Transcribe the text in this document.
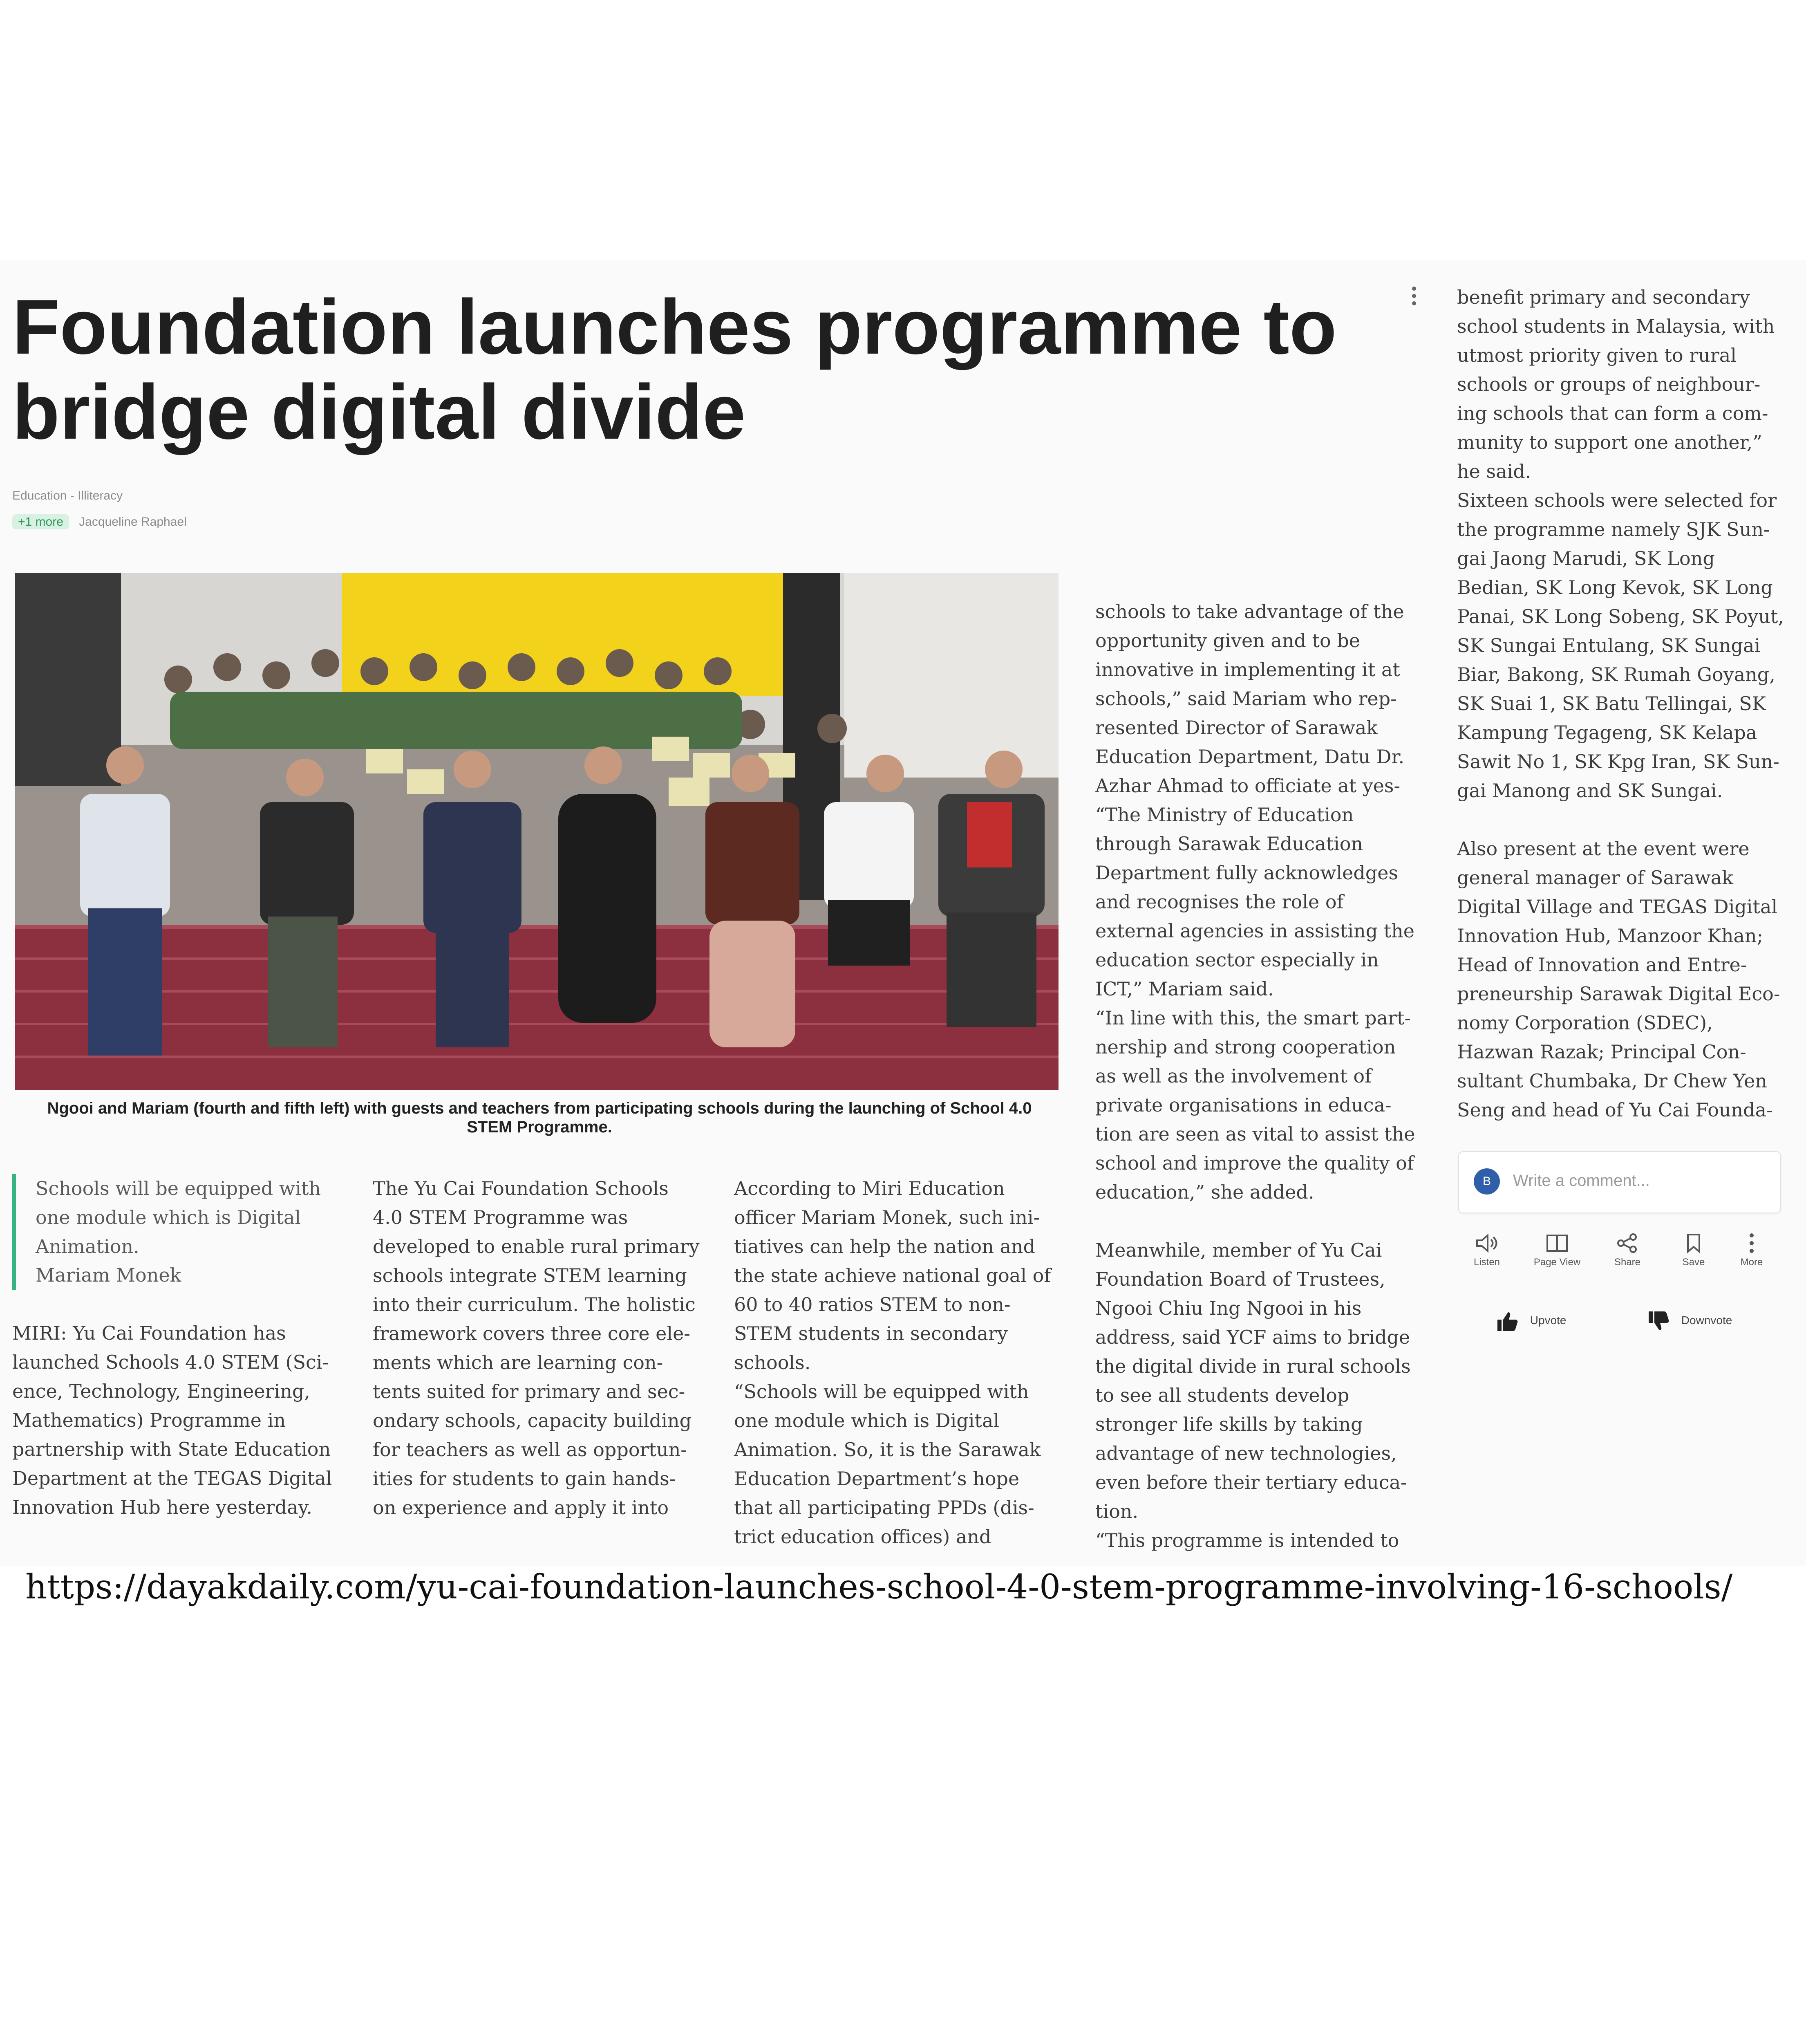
Foundation launches programme to
bridge digital divide
Education - Illiteracy
+1 more Jacqueline Raphael
Ngooi and Mariam (fourth and fifth left) with guests and teachers from participating schools during the launching of School 4.0
STEM Programme.
Schools will be equipped with
one module which is Digital
Animation.
Mariam Monek

MIRI: Yu Cai Foundation has

launched Schools 4.0 STEM (Sci-

ence, Technology, Engineering,

Mathematics) Programme in

partnership with State Education

Department at the TEGAS Digital

Innovation Hub here yesterday.

The Yu Cai Foundation Schools

4.0 STEM Programme was

developed to enable rural primary

schools integrate STEM learning

into their curriculum. The holistic

framework covers three core ele-

ments which are learning con-

tents suited for primary and sec-

ondary schools, capacity building

for teachers as well as opportun-

ities for students to gain hands-

on experience and apply it into

According to Miri Education

officer Mariam Monek, such ini-

tiatives can help the nation and

the state achieve national goal of

60 to 40 ratios STEM to non-

STEM students in secondary

schools.

“Schools will be equipped with

one module which is Digital

Animation. So, it is the Sarawak

Education Department’s hope

that all participating PPDs (dis-

trict education offices) and

schools to take advantage of the

opportunity given and to be

innovative in implementing it at

schools,” said Mariam who rep-

resented Director of Sarawak

Education Department, Datu Dr.

Azhar Ahmad to officiate at yes-

“The Ministry of Education

through Sarawak Education

Department fully acknowledges

and recognises the role of

external agencies in assisting the

education sector especially in

ICT,” Mariam said.

“In line with this, the smart part-

nership and strong cooperation

as well as the involvement of

private organisations in educa-

tion are seen as vital to assist the

school and improve the quality of

education,” she added.

Meanwhile, member of Yu Cai

Foundation Board of Trustees,

Ngooi Chiu Ing Ngooi in his

address, said YCF aims to bridge

the digital divide in rural schools

to see all students develop

stronger life skills by taking

advantage of new technologies,

even before their tertiary educa-

tion.

“This programme is intended to

benefit primary and secondary

school students in Malaysia, with

utmost priority given to rural

schools or groups of neighbour-

ing schools that can form a com-

munity to support one another,”

he said.

Sixteen schools were selected for

the programme namely SJK Sun-

gai Jaong Marudi, SK Long

Bedian, SK Long Kevok, SK Long

Panai, SK Long Sobeng, SK Poyut,

SK Sungai Entulang, SK Sungai

Biar, Bakong, SK Rumah Goyang,

SK Suai 1, SK Batu Tellingai, SK

Kampung Tegageng, SK Kelapa

Sawit No 1, SK Kpg Iran, SK Sun-

gai Manong and SK Sungai.

Also present at the event were

general manager of Sarawak

Digital Village and TEGAS Digital

Innovation Hub, Manzoor Khan;

Head of Innovation and Entre-

preneurship Sarawak Digital Eco-

nomy Corporation (SDEC),

Hazwan Razak; Principal Con-

sultant Chumbaka, Dr Chew Yen

Seng and head of Yu Cai Founda-

B	Write a comment...
Listen	Page View	Share	Save	More
Upvote	Downvote
https://dayakdaily.com/yu-cai-foundation-launches-school-4-0-stem-programme-involving-16-schools/
